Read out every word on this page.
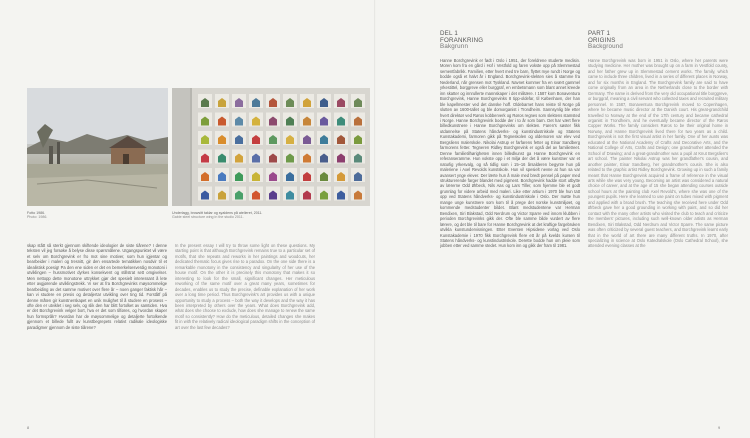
Fotto 1986.
Photo: 1986.
Underlagg, browsitt taklar og syaldens på atelieret, 2011.
Gable steel structure wing in the studio 2011.

skap stått så sterkt gjennom skiftende ideologier de siste tiårene? I denne teksten vil jeg forsøke å belyse disse spørsmålene. Utgangspunktet vil være et selv om Borchgrevink er fro mot sine motiver, som hun igjentar og bearbeider i maleri og tresnitt, gir den ensartede tematikken nosdvir til et idealistisk poesig! Pa den ene siden er det en bemerkelsesverdig monotoni i utviklingen – hussmotivet dyrkes konsekvent og stillstrat sett omgivelser. Men nettopp dette monotone uttrykket gjør det spesielt interessant å lete etter avgjørende utviklingstrekk. Vi ser at fra Borchgrevinks møysommelige bearbeiding av det samme motivet over flere år – noen ganger faktisk hår – kan vi studere en presis og detaljertar utvikling over ting tid. Forståtf på denne måten gir kunstnerskapet en unik mulighet til å studere en prosess – ofte den er utviklet i seg selv, og slik den har blitt fortolket av samtiden. Hva er det Borchgrevink velger bort, hva er det som tilføres, og hvordan skaper hun formspråk? Hvordan har de møysommelige og detaljerte fortolkende gjennom et billede fullt av kunstbegrepets relativt radikale ideologiske paradigmer gjennom de siste tiårene?

In the present essay I will try to throw some light on these questions. My starting point is that although Borchgrevink remains true to a particular set of motifs, that she repeats and reworks in her paintings and woodcuts, her dedicated thematic focus gives rise to a paradox. On the one side there is a remarkable monotony in the consistency and singularity of her use of the house motif. On the other it is precisely this monotony that makes it so interesting to look for the small, significant changes. Her meticulous reworking of the same motif over a great many years, sometimes for decades, enables us to study the precise, definable explanation of her work over a long time period. Thus Borchgrevink's art provides us with a unique opportunity to study a process – both the way it develops and the way it has been interpreted by others over the years. What does Borchgrevink add, what does she choose to exclude, how does she manage to renew the same motif so consistently? How do the meticulous, detailed changes she makes fit in with the relatively radical ideological paradigm shifts in the conception of art over the last few decades?

8
DEL 1
FORANKRING
Bakgrunn
PART 1
ORIGINS
Background

Hanne Borchgrevink er født i Oslo i 1951, der foreldrene studerte medisin. Moren kom fra en gård i Hof i Vestfold og faren vokste opp på Slemmestad sementfabrikk. Familien, etter hvert med tre barn, flyttet mye rundt i Norge og bodde også et halvt år i England. Borchgrevink-slekten sies å stamme fra Nederland, når grensen mot Tyskland. Navnet kommer fra en svært gammel yrkestittel, borggreve eller burggraf, en embetsmann som blant annet kreede inn skatter og innrullerte mannskaper i det militære. I 1587 kom Bonaventura Borchgrevink, Hanne Borchgrevinks 8 tipp-oldefar, til København, der han ble kapellmester ved det danske hoff. Oldebarnet hans reiste til Norge på slutten av 1600-tallet og ble domorganist i Trondheim. Sannsynlig ble etter hvert direktør ved Røros kobberverk og Røros regnes som slektens stamsted i Norge. Hanne Borchgrevink bodde der i to år som barn. Det har vært flere billedkunstnere i Hanne Borchgrevinks om slekten. Faren's søster fikk utdannelse på Statens håndverks- og kunstindustriskole og Statens Kunstakademi, farmoren gikk på Tegneskolen og oldemoren var elev ved Bergsliens malerskole. Nikolai Astrup er farfarens fetter og Einar Sandberg farmorens fetter. Tegneren Ridley Borchgrevink er også del av familietreet. Denne familietilhørigheten innen billedkunst ga Hanne Borchgrevink en referanseramme. Hun vokste opp i et miljø der det å være kunstner var et naturlig yrkesvalg, og så tidlig som i 15–16 årsalderen begynte hun på maleriene i Axel Revolds kunstskole. Hun vil spesielt nevne at hun sa var avansert ynge elever. Der lærte hun å male med bredt pensel på paper med strukturerende farger blandet med pigment. Borchgrevink hadde stort utbytte av lærerne Odd Ørbeck, Nils Aas og Lars Tiller, som hjemme ble et godt grunnlag for videre arbeid med maleri. Like etter artium i 1970 ble hun tatt opp ved Statens håndverks- og kunstindustriskole i Oslo. Der møtte hun mange unge kunstnere som kom til å prege det norske kunstmiljøet, og kommende medstudenter bildet. Blant medstudentene var Herman Bendixen, Siri Blakstad, Odd Nerdrum og Victor Sparre ved innom klubben i perioden Borchgrevinks gikk der. Ofte ble samme bilde vurdert av flere lærere, og det ble til bare for Hanne Borchgrevink at det kraftige fargebruken utvikla kunstundervisningen. Etter Eventen Hipsidene vorlag ved Oslo Kunstakademie i 1970 fikk Borchgrevink flere ett år på kvelds kursen til Statens håndverks- og kunstindustriskole. Derette bodde hun om pleie som jobben etter ved samme stedet. Hun kom inn og gikk der fram til 1981.

Hanne Borchgrevink was born in 1951 in Oslo, where her parents were studying medicine. Her mother was brought up on a farm in Vestfold county, and her father grew up in Slemmestad cement works. The family, which came to include three children, lived in a series of different places in Norway, and for six months in England. The Borchgrevink family are said to have come originally from an area in the Netherlands close to the border with Germany. The name is derived from the very old occupational title borggreve, or burggraf, meaning a civil servant who collected taxes and recruited military personnel. In 1587, Bonaventura Borchgrevink moved to Copenhagen, where he became music director at the Danish court. His great-grandchild travelled to Norway at the end of the 17th century and became cathedral organist in Trondheim, and he eventually became director of the Røros Copper Works. The family considers Røros to be their original home in Norway, and Hanne Borchgrevink lived there for two years as a child. Borchgrevink is not the first visual artist in her family. One of her aunts was educated at the National Academy of Crafts and Decorative Arts, and the National College of Arts, Crafts and Design; one grandmother attended the School of Drawing; and a great-grandmother was a pupil at Knut Bergslien's art school. The painter Nikolai Astrup was her grandfather's cousin, and another painter, Einar Sandberg, her grandmother's cousin. She is also related to the graphic artist Ridley Borchgrevink. Growing up in such a family meant that Hanne Borchgrevink acquired a frame of reference in the visual arts while she was very young. Becoming an artist was considered a natural choice of career, and at the age of 15 she began attending courses outside school hours at the painting club Axel Revold's, where she was one of the youngest pupils. Here she learned to use paint on tubes mixed with pigment and applied with a broad brush. The teaching she received here under Odd Ørbeck gave her a good grounding in working with paint, and so did her contact with the many other artists who visited the club to teach and criticize the members' pictures, including such well-known older artists as Herman Bendixen, Siri Blakstad, Odd Nerdrum and Victor Sparre. The same picture was often criticized by several guest teachers, and Borchgrevink learnt early that in the world of art there are many different truths. In 1970, after specializing in science at Oslo Katedralskole (Oslo Cathedral School), she attended evening classes at the

9
